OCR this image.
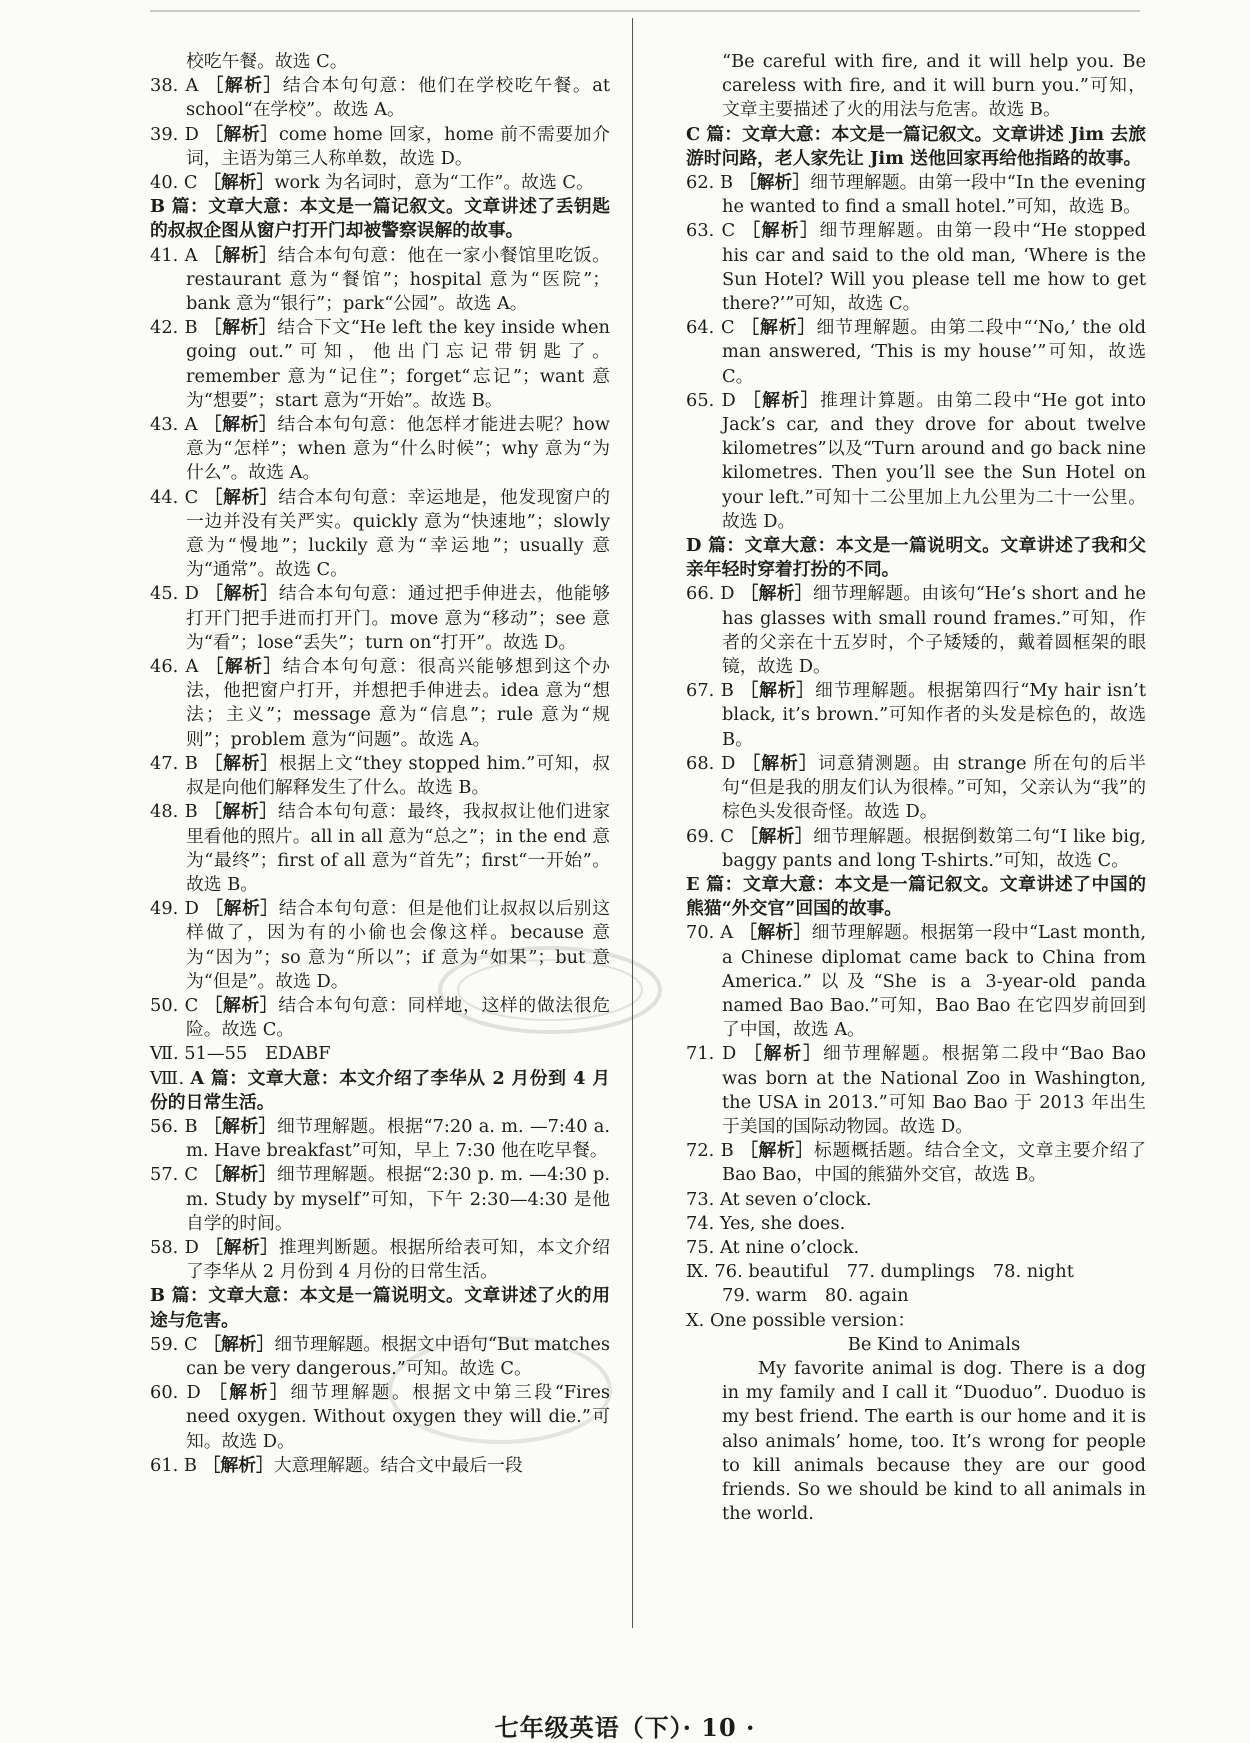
校吃午餐。故选 C。

38. A ［解析］结合本句句意：他们在学校吃午餐。at school“在学校”。故选 A。

39. D ［解析］come home 回家，home 前不需要加介词，主语为第三人称单数，故选 D。

40. C ［解析］work 为名词时，意为“工作”。故选 C。

B 篇：文章大意：本文是一篇记叙文。文章讲述了丢钥匙的叔叔企图从窗户打开门却被警察误解的故事。

41. A ［解析］结合本句句意：他在一家小餐馆里吃饭。restaurant 意为“餐馆”；hospital 意为“医院”；bank 意为“银行”；park“公园”。故选 A。

42. B ［解析］结合下文“He left the key inside when going out.”可知，他出门忘记带钥匙了。remember 意为“记住”；forget“忘记”；want 意为“想要”；start 意为“开始”。故选 B。

43. A ［解析］结合本句句意：他怎样才能进去呢？how 意为“怎样”；when 意为“什么时候”；why 意为“为什么”。故选 A。

44. C ［解析］结合本句句意：幸运地是，他发现窗户的一边并没有关严实。quickly 意为“快速地”；slowly 意为“慢地”；luckily 意为“幸运地”；usually 意为“通常”。故选 C。

45. D ［解析］结合本句句意：通过把手伸进去，他能够打开门把手进而打开门。move 意为“移动”；see 意为“看”；lose“丢失”；turn on“打开”。故选 D。

46. A ［解析］结合本句句意：很高兴能够想到这个办法，他把窗户打开，并想把手伸进去。idea 意为“想法；主义”；message 意为“信息”；rule 意为“规则”；problem 意为“问题”。故选 A。

47. B ［解析］根据上文“they stopped him.”可知，叔叔是向他们解释发生了什么。故选 B。

48. B ［解析］结合本句句意：最终，我叔叔让他们进家里看他的照片。all in all 意为“总之”；in the end 意为“最终”；first of all 意为“首先”；first“一开始”。故选 B。

49. D ［解析］结合本句句意：但是他们让叔叔以后别这样做了，因为有的小偷也会像这样。because 意为“因为”；so 意为“所以”；if 意为“如果”；but 意为“但是”。故选 D。

50. C ［解析］结合本句句意：同样地，这样的做法很危险。故选 C。

Ⅶ. 51—55　EDABF

Ⅷ. A 篇：文章大意：本文介绍了李华从 2 月份到 4 月份的日常生活。

56. B ［解析］细节理解题。根据“7:20 a. m. —7:40 a. m. Have breakfast”可知，早上 7:30 他在吃早餐。

57. C ［解析］细节理解题。根据“2:30 p. m. —4:30 p. m. Study by myself”可知，下午 2:30—4:30 是他自学的时间。

58. D ［解析］推理判断题。根据所给表可知，本文介绍了李华从 2 月份到 4 月份的日常生活。

B 篇：文章大意：本文是一篇说明文。文章讲述了火的用途与危害。

59. C ［解析］细节理解题。根据文中语句“But matches can be very dangerous.”可知。故选 C。

60. D ［解析］细节理解题。根据文中第三段“Fires need oxygen. Without oxygen they will die.”可知。故选 D。

61. B ［解析］大意理解题。结合文中最后一段

“Be careful with fire, and it will help you. Be careless with fire, and it will burn you.”可知，文章主要描述了火的用法与危害。故选 B。

C 篇：文章大意：本文是一篇记叙文。文章讲述 Jim 去旅游时问路，老人家先让 Jim 送他回家再给他指路的故事。

62. B ［解析］细节理解题。由第一段中“In the evening he wanted to find a small hotel.”可知，故选 B。

63. C ［解析］细节理解题。由第一段中“He stopped his car and said to the old man, ‘Where is the Sun Hotel? Will you please tell me how to get there?’”可知，故选 C。

64. C ［解析］细节理解题。由第二段中“‘No,’ the old man answered, ‘This is my house’”可知，故选 C。

65. D ［解析］推理计算题。由第二段中“He got into Jack’s car, and they drove for about twelve kilometres”以及“Turn around and go back nine kilometres. Then you’ll see the Sun Hotel on your left.”可知十二公里加上九公里为二十一公里。故选 D。

D 篇：文章大意：本文是一篇说明文。文章讲述了我和父亲年轻时穿着打扮的不同。

66. D ［解析］细节理解题。由该句“He’s short and he has glasses with small round frames.”可知，作者的父亲在十五岁时，个子矮矮的，戴着圆框架的眼镜，故选 D。

67. B ［解析］细节理解题。根据第四行“My hair isn’t black, it’s brown.”可知作者的头发是棕色的，故选 B。

68. D ［解析］词意猜测题。由 strange 所在句的后半句“但是我的朋友们认为很棒。”可知，父亲认为“我”的棕色头发很奇怪。故选 D。

69. C ［解析］细节理解题。根据倒数第二句“I like big, baggy pants and long T-shirts.”可知，故选 C。

E 篇：文章大意：本文是一篇记叙文。文章讲述了中国的熊猫“外交官”回国的故事。

70. A ［解析］细节理解题。根据第一段中“Last month, a Chinese diplomat came back to China from America.”以及“She is a 3-year-old panda named Bao Bao.”可知，Bao Bao 在它四岁前回到了中国，故选 A。

71. D ［解析］细节理解题。根据第二段中“Bao Bao was born at the National Zoo in Washington, the USA in 2013.”可知 Bao Bao 于 2013 年出生于美国的国际动物园。故选 D。

72. B ［解析］标题概括题。结合全文，文章主要介绍了 Bao Bao，中国的熊猫外交官，故选 B。

73. At seven o’clock.

74. Yes, she does.

75. At nine o’clock.

Ⅸ. 76. beautiful　77. dumplings　78. night

79. warm　80. again

Ⅹ. One possible version：

Be Kind to Animals

My favorite animal is dog. There is a dog in my family and I call it “Duoduo”. Duoduo is my best friend. The earth is our home and it is also animals’ home, too. It’s wrong for people to kill animals because they are our good friends. So we should be kind to all animals in the world.

七年级英语（下）· 10 ·
